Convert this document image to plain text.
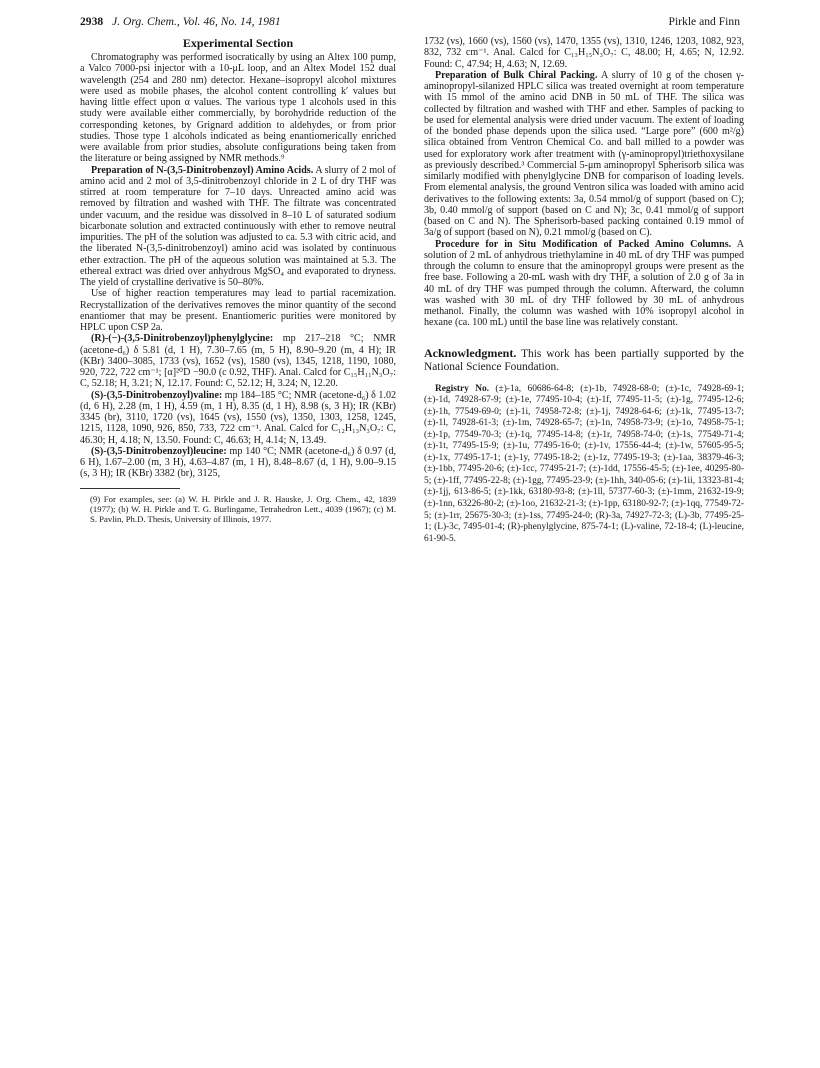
2938 J. Org. Chem., Vol. 46, No. 14, 1981	Pirkle and Finn
Experimental Section

Chromatography was performed isocratically by using an Altex 100 pump, a Valco 7000-psi injector with a 10-μL loop, and an Altex Model 152 dual wavelength (254 and 280 nm) detector. Hexane–isopropyl alcohol mixtures were used as mobile phases, the alcohol content controlling k′ values but having little effect upon α values. The various type 1 alcohols used in this study were available either commercially, by borohydride reduction of the corresponding ketones, by Grignard addition to aldehydes, or from prior studies. Those type 1 alcohols indicated as being enantiomerically enriched were available from prior studies, absolute configurations being taken from the literature or being assigned by NMR methods.⁹

Preparation of N-(3,5-Dinitrobenzoyl) Amino Acids. A slurry of 2 mol of amino acid and 2 mol of 3,5-dinitrobenzoyl chloride in 2 L of dry THF was stirred at room temperature for 7–10 days. Unreacted amino acid was removed by filtration and washed with THF. The filtrate was concentrated under vacuum, and the residue was dissolved in 8–10 L of saturated sodium bicarbonate solution and extracted continuously with ether to remove neutral impurities. The pH of the solution was adjusted to ca. 5.3 with citric acid, and the liberated N-(3,5-dinitrobenzoyl) amino acid was isolated by continuous ether extraction. The pH of the aqueous solution was maintained at 5.3. The ethereal extract was dried over anhydrous MgSO₄ and evaporated to dryness. The yield of crystalline derivative is 50–80%.

Use of higher reaction temperatures may lead to partial racemization. Recrystallization of the derivatives removes the minor quantity of the second enantiomer that may be present. Enantiomeric purities were monitored by HPLC upon CSP 2a.

(R)-(−)-(3,5-Dinitrobenzoyl)phenylglycine: mp 217–218 °C; NMR (acetone-d₆) δ 5.81 (d, 1 H), 7.30–7.65 (m, 5 H), 8.90–9.20 (m, 4 H); IR (KBr) 3400–3085, 1733 (vs), 1652 (vs), 1580 (vs), 1345, 1218, 1190, 1080, 920, 722, 722 cm⁻¹; [α]²⁰D −90.0 (c 0.92, THF). Anal. Calcd for C₁₅H₁₁N₃O₇: C, 52.18; H, 3.21; N, 12.17. Found: C, 52.12; H, 3.24; N, 12.20.

(S)-(3,5-Dinitrobenzoyl)valine: mp 184–185 °C; NMR (acetone-d₆) δ 1.02 (d, 6 H), 2.28 (m, 1 H), 4.59 (m, 1 H), 8.35 (d, 1 H), 8.98 (s, 3 H); IR (KBr) 3345 (br), 3110, 1720 (vs), 1645 (vs), 1550 (vs), 1350, 1303, 1258, 1245, 1215, 1128, 1090, 926, 850, 733, 722 cm⁻¹. Anal. Calcd for C₁₂H₁₃N₃O₇: C, 46.30; H, 4.18; N, 13.50. Found: C, 46.63; H, 4.14; N, 13.49.

(S)-(3,5-Dinitrobenzoyl)leucine: mp 140 °C; NMR (acetone-d₆) δ 0.97 (d, 6 H), 1.67–2.00 (m, 3 H), 4.63–4.87 (m, 1 H), 8.48–8.67 (d, 1 H), 9.00–9.15 (s, 3 H); IR (KBr) 3382 (br), 3125,

(9) For examples, see: (a) W. H. Pirkle and J. R. Hauske, J. Org. Chem., 42, 1839 (1977); (b) W. H. Pirkle and T. G. Burlingame, Tetrahedron Lett., 4039 (1967); (c) M. S. Pavlin, Ph.D. Thesis, University of Illinois, 1977.

1732 (vs), 1660 (vs), 1560 (vs), 1470, 1355 (vs), 1310, 1246, 1203, 1082, 923, 832, 732 cm⁻¹. Anal. Calcd for C₁₃H₁₅N₃O₇: C, 48.00; H, 4.65; N, 12.92. Found: C, 47.94; H, 4.63; N, 12.69.

Preparation of Bulk Chiral Packing. A slurry of 10 g of the chosen γ-aminopropyl-silanized HPLC silica was treated overnight at room temperature with 15 mmol of the amino acid DNB in 50 mL of THF. The silica was collected by filtration and washed with THF and ether. Samples of packing to be used for elemental analysis were dried under vacuum. The extent of loading of the bonded phase depends upon the silica used. “Large pore” (600 m²/g) silica obtained from Ventron Chemical Co. and ball milled to a powder was used for exploratory work after treatment with (γ-aminopropyl)triethoxysilane as previously described.³ Commercial 5-μm aminopropyl Spherisorb silica was similarly modified with phenylglycine DNB for comparison of loading levels. From elemental analysis, the ground Ventron silica was loaded with amino acid derivatives to the following extents: 3a, 0.54 mmol/g of support (based on C); 3b, 0.40 mmol/g of support (based on C and N); 3c, 0.41 mmol/g of support (based on C and N). The Spherisorb-based packing contained 0.19 mmol of 3a/g of support (based on N), 0.21 mmol/g (based on C).

Procedure for in Situ Modification of Packed Amino Columns. A solution of 2 mL of anhydrous triethylamine in 40 mL of dry THF was pumped through the column to ensure that the aminopropyl groups were present as the free base. Following a 20-mL wash with dry THF, a solution of 2.0 g of 3a in 40 mL of dry THF was pumped through the column. Afterward, the column was washed with 30 mL of dry THF followed by 30 mL of anhydrous methanol. Finally, the column was washed with 10% isopropyl alcohol in hexane (ca. 100 mL) until the base line was relatively constant.

Acknowledgment. This work has been partially supported by the National Science Foundation.

Registry No. (±)-1a, 60686-64-8; (±)-1b, 74928-68-0; (±)-1c, 74928-69-1; (±)-1d, 74928-67-9; (±)-1e, 77495-10-4; (±)-1f, 77495-11-5; (±)-1g, 77495-12-6; (±)-1h, 77549-69-0; (±)-1i, 74958-72-8; (±)-1j, 74928-64-6; (±)-1k, 77495-13-7; (±)-1l, 74928-61-3; (±)-1m, 74928-65-7; (±)-1n, 74958-73-9; (±)-1o, 74958-75-1; (±)-1p, 77549-70-3; (±)-1q, 77495-14-8; (±)-1r, 74958-74-0; (±)-1s, 77549-71-4; (±)-1t, 77495-15-9; (±)-1u, 77495-16-0; (±)-1v, 17556-44-4; (±)-1w, 57605-95-5; (±)-1x, 77495-17-1; (±)-1y, 77495-18-2; (±)-1z, 77495-19-3; (±)-1aa, 38379-46-3; (±)-1bb, 77495-20-6; (±)-1cc, 77495-21-7; (±)-1dd, 17556-45-5; (±)-1ee, 40295-80-5; (±)-1ff, 77495-22-8; (±)-1gg, 77495-23-9; (±)-1hh, 340-05-6; (±)-1ii, 13323-81-4; (±)-1jj, 613-86-5; (±)-1kk, 63180-93-8; (±)-1ll, 57377-60-3; (±)-1mm, 21632-19-9; (±)-1nn, 63226-80-2; (±)-1oo, 21632-21-3; (±)-1pp, 63180-92-7; (±)-1qq, 77549-72-5; (±)-1rr, 25675-30-3; (±)-1ss, 77495-24-0; (R)-3a, 74927-72-3; (L)-3b, 77495-25-1; (L)-3c, 7495-01-4; (R)-phenylglycine, 875-74-1; (L)-valine, 72-18-4; (L)-leucine, 61-90-5.
